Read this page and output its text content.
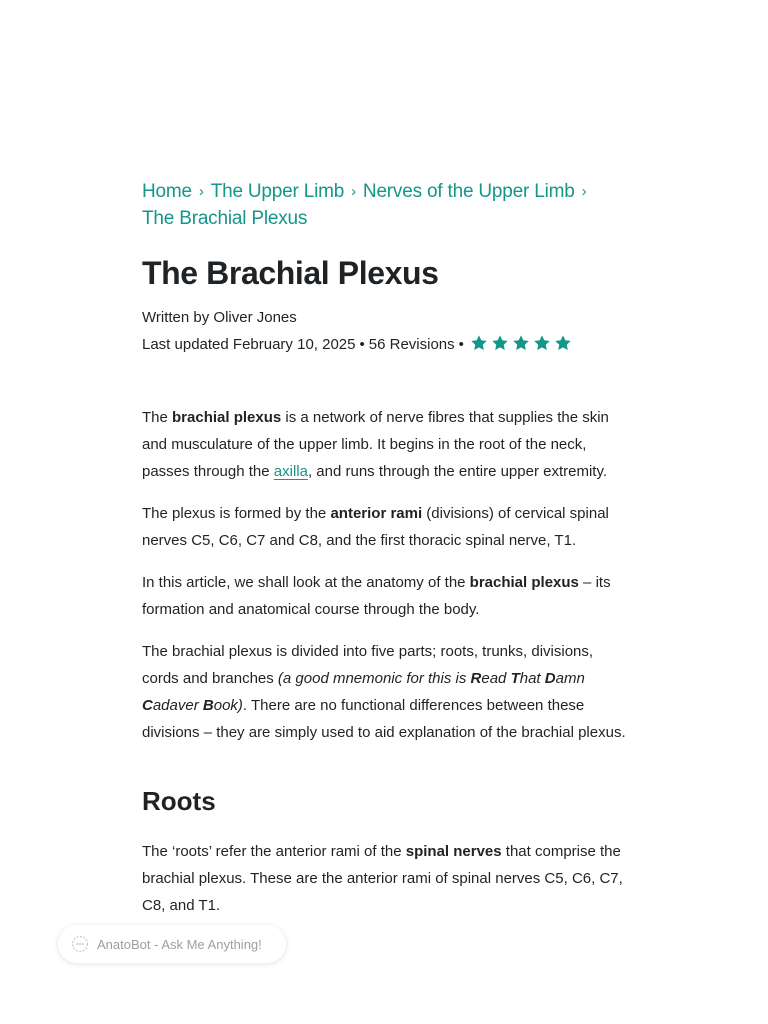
Home › The Upper Limb › Nerves of the Upper Limb ›
The Brachial Plexus
The Brachial Plexus
Written by Oliver Jones
Last updated February 10, 2025 • 56 Revisions •

The brachial plexus is a network of nerve fibres that supplies the skin and musculature of the upper limb. It begins in the root of the neck, passes through the axilla, and runs through the entire upper extremity.

The plexus is formed by the anterior rami (divisions) of cervical spinal nerves C5, C6, C7 and C8, and the first thoracic spinal nerve, T1.

In this article, we shall look at the anatomy of the brachial plexus – its formation and anatomical course through the body.

The brachial plexus is divided into five parts; roots, trunks, divisions, cords and branches (a good mnemonic for this is Read That Damn Cadaver Book). There are no functional differences between these divisions – they are simply used to aid explanation of the brachial plexus.

Roots

The ‘roots’ refer the anterior rami of the spinal nerves that comprise the brachial plexus. These are the anterior rami of spinal nerves C5, C6, C7, C8, and T1.

AnatoBot - Ask Me Anything!
